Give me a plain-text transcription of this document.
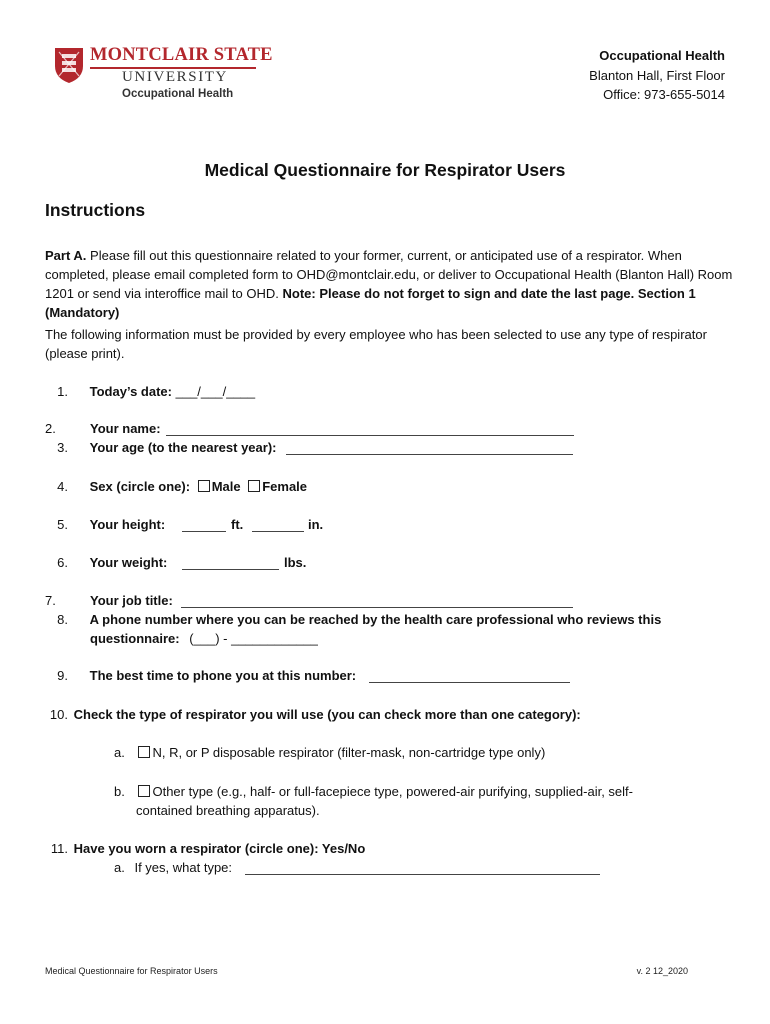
MONTCLAIR STATE
UNIVERSITY
Occupational Health
Occupational Health
Blanton Hall, First Floor
Office: 973-655-5014
Medical Questionnaire for Respirator Users
Instructions
Part A. Please fill out this questionnaire related to your former, current, or anticipated use of a respirator. When completed, please email completed form to OHD@montclair.edu, or deliver to Occupational Health (Blanton Hall) Room 1201 or send via interoffice mail to OHD. Note: Please do not forget to sign and date the last page. Section 1 (Mandatory)
The following information must be provided by every employee who has been selected to use any type of respirator (please print).
1. Today’s date: ___/___/____
2.	Your name:
3. Your age (to the nearest year):
4. Sex (circle one): Male Female
5. Your height:	ft.	in.
6. Your weight:	lbs.
7.	Your job title:
8. A phone number where you can be reached by the health care professional who reviews this
questionnaire: (___) - ____________
9. The best time to phone you at this number:
10. Check the type of respirator you will use (you can check more than one category):
a. N, R, or P disposable respirator (filter-mask, non-cartridge type only)
b. Other type (e.g., half- or full-facepiece type, powered-air purifying, supplied-air, self-
contained breathing apparatus).
11. Have you worn a respirator (circle one): Yes/No
a. If yes, what type:
Medical Questionnaire for Respirator Users	v. 2 12_2020
